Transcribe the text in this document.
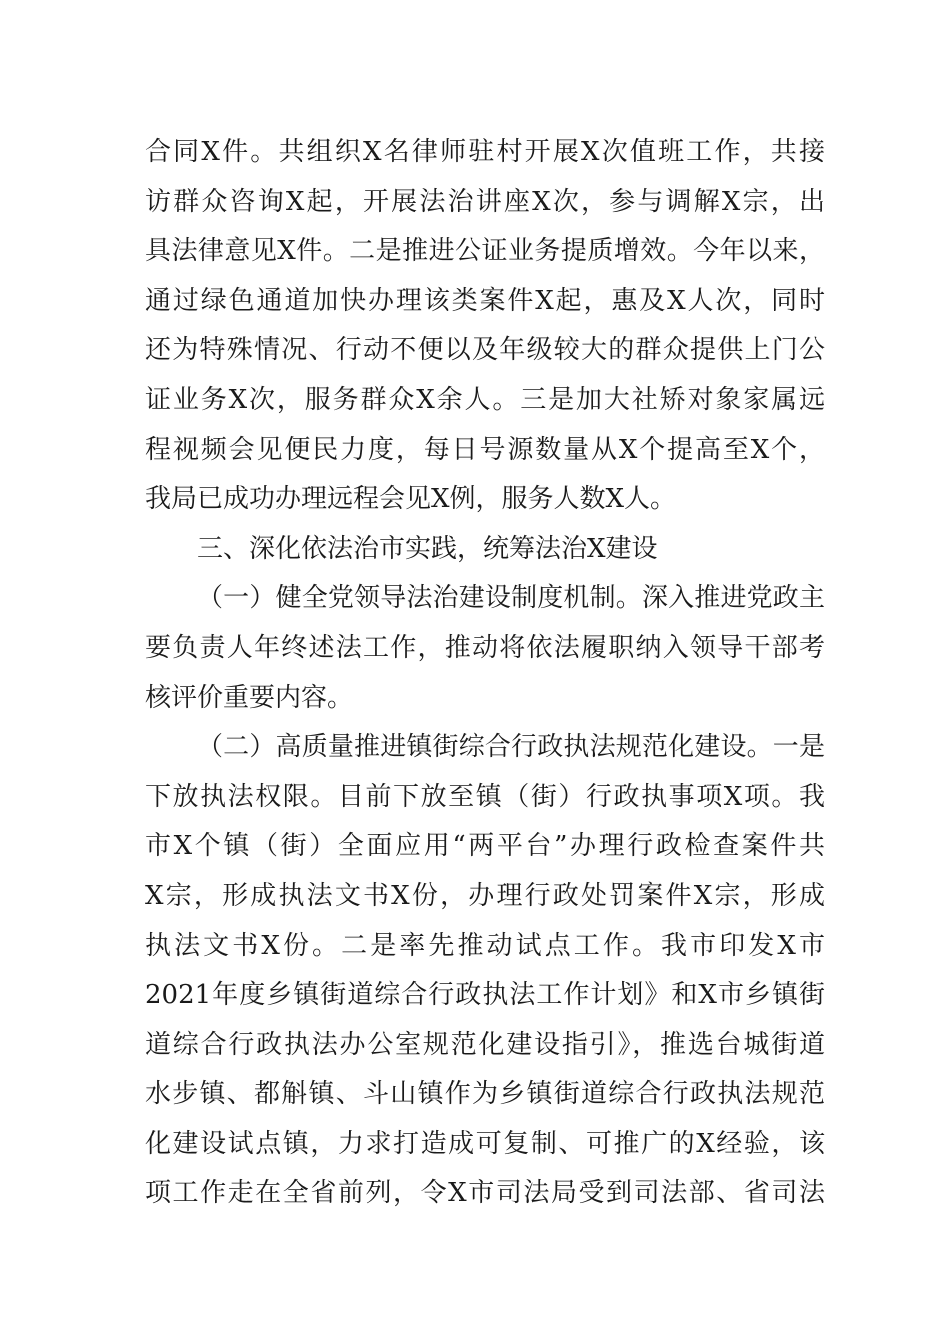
合同X件。共组织X名律师驻村开展X次值班工作，共接
访群众咨询X起，开展法治讲座X次，参与调解X宗，出
具法律意见X件。二是推进公证业务提质增效。今年以来，
通过绿色通道加快办理该类案件X起，惠及X人次，同时
还为特殊情况、行动不便以及年级较大的群众提供上门公
证业务X次，服务群众X余人。三是加大社矫对象家属远
程视频会见便民力度，每日号源数量从X个提高至X个，
我局已成功办理远程会见X例，服务人数X人。
三、深化依法治市实践，统筹法治X建设
（一）健全党领导法治建设制度机制。深入推进党政主
要负责人年终述法工作，推动将依法履职纳入领导干部考
核评价重要内容。
（二）高质量推进镇街综合行政执法规范化建设。一是
下放执法权限。目前下放至镇（街）行政执事项X项。我
市X个镇（街）全面应用“两平台”办理行政检查案件共
X宗，形成执法文书X份，办理行政处罚案件X宗，形成
执法文书X份。二是率先推动试点工作。我市印发X市
2021年度乡镇街道综合行政执法工作计划》和X市乡镇街
道综合行政执法办公室规范化建设指引》，推选台城街道
水步镇、都斛镇、斗山镇作为乡镇街道综合行政执法规范
化建设试点镇，力求打造成可复制、可推广的X经验，该
项工作走在全省前列，令X市司法局受到司法部、省司法
